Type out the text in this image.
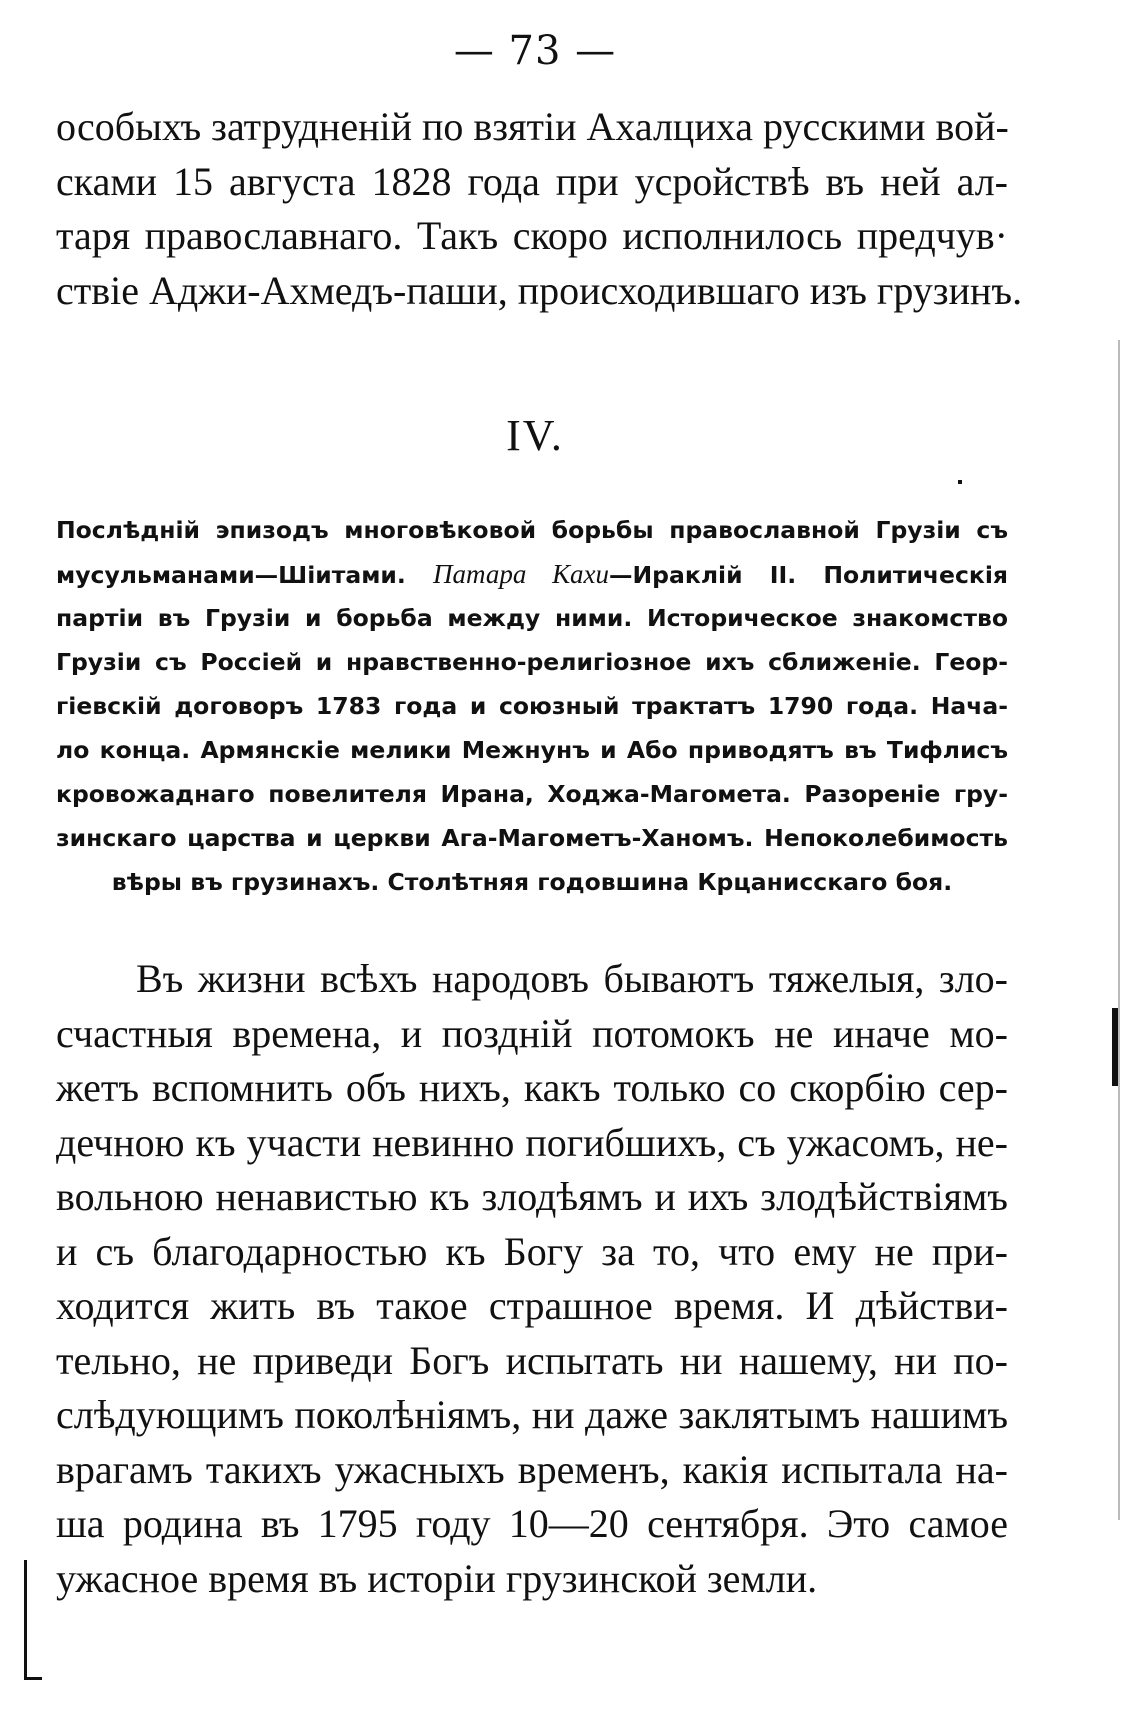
— 73 —
особыхъ затрудненій по взятіи Ахалциха русскими вой-
сками 15 августа 1828 года при усройствѣ въ ней ал-
таря православнаго. Такъ скоро исполнилось предчув·
ствіе Аджи-Ахмедъ-паши, происходившаго изъ грузинъ.
IV.
Послѣдній эпизодъ многовѣковой борьбы православной Грузіи съ
мусульманами—Шіитами. Патара Кахи—Ираклій II. Политическія
партіи въ Грузіи и борьба между ними. Историческое знакомство
Грузіи съ Россіей и нравственно-религіозное ихъ сближеніе. Геор-
гіевскій договоръ 1783 года и союзный трактатъ 1790 года. Нача-
ло конца. Армянскіе мелики Межнунъ и Або приводятъ въ Тифлисъ
кровожаднаго повелителя Ирана, Ходжа-Магомета. Разореніе гру-
зинскаго царства и церкви Ага-Магометъ-Ханомъ. Непоколебимость
вѣры въ грузинахъ. Столѣтняя годовшина Крцанисскаго боя.
Въ жизни всѣхъ народовъ бываютъ тяжелыя, зло-
счастныя времена, и поздній потомокъ не иначе мо-
жетъ вспомнить объ нихъ, какъ только со скорбію сер-
дечною къ участи невинно погибшихъ, съ ужасомъ, не-
вольною ненавистью къ злодѣямъ и ихъ злодѣйствіямъ
и съ благодарностью къ Богу за то, что ему не при-
ходится жить въ такое страшное время. И дѣйстви-
тельно, не приведи Богъ испытать ни нашему, ни по-
слѣдующимъ поколѣніямъ, ни даже заклятымъ нашимъ
врагамъ такихъ ужасныхъ временъ, какія испытала на-
ша родина въ 1795 году 10—20 сентября. Это самое
ужасное время въ исторіи грузинской земли.
